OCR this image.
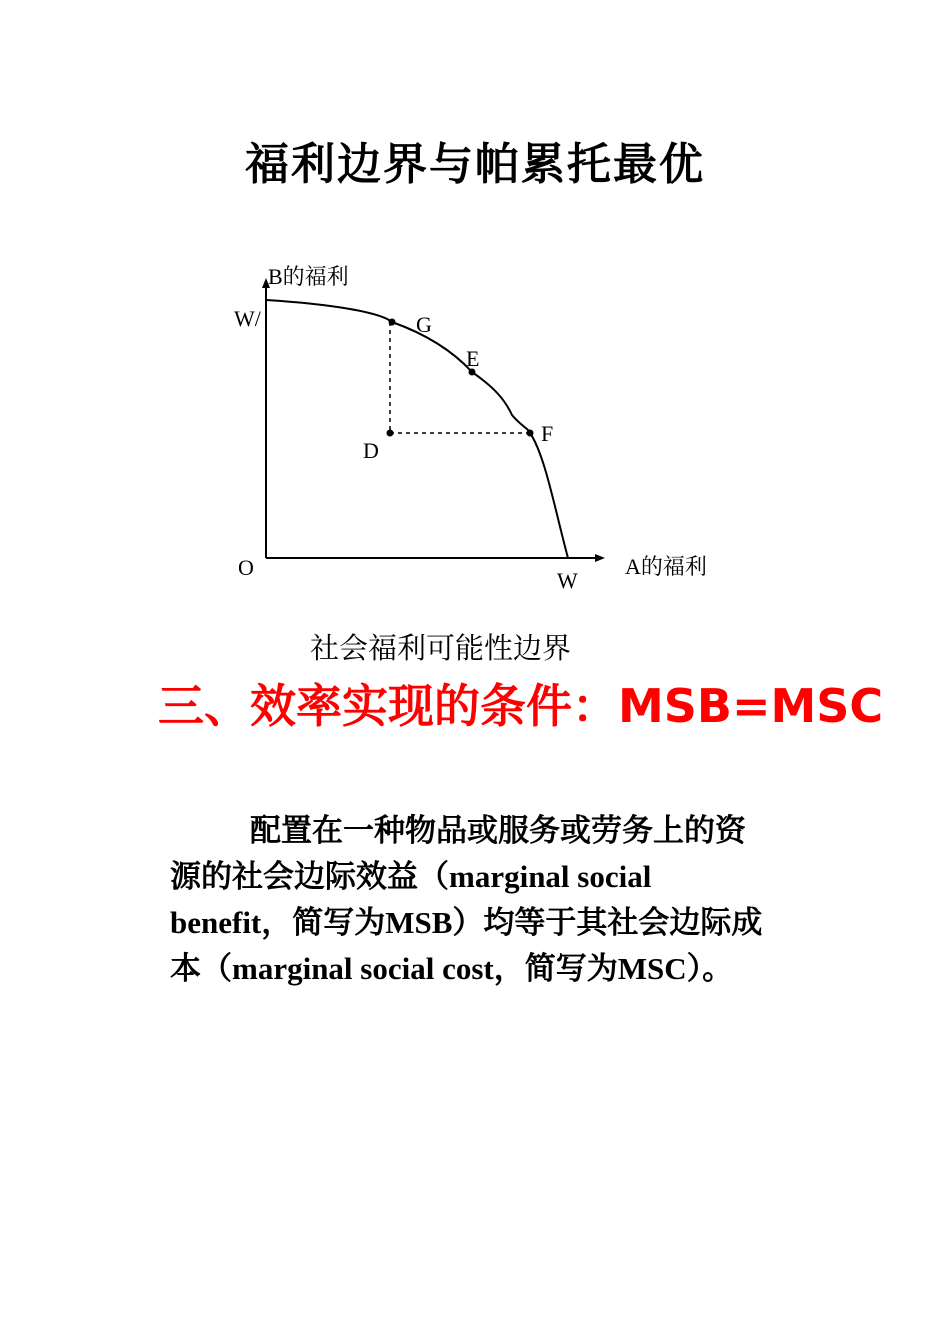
福利边界与帕累托最优
B的福利
A的福利
O
W/
W
G
E
F
D
社会福利可能性边界
三、效率实现的条件：MSB=MSC

配置在一种物品或服务或劳务上的资源的社会边际效益（marginal social benefit，简写为MSB）均等于其社会边际成本（marginal social cost，简写为MSC）。
